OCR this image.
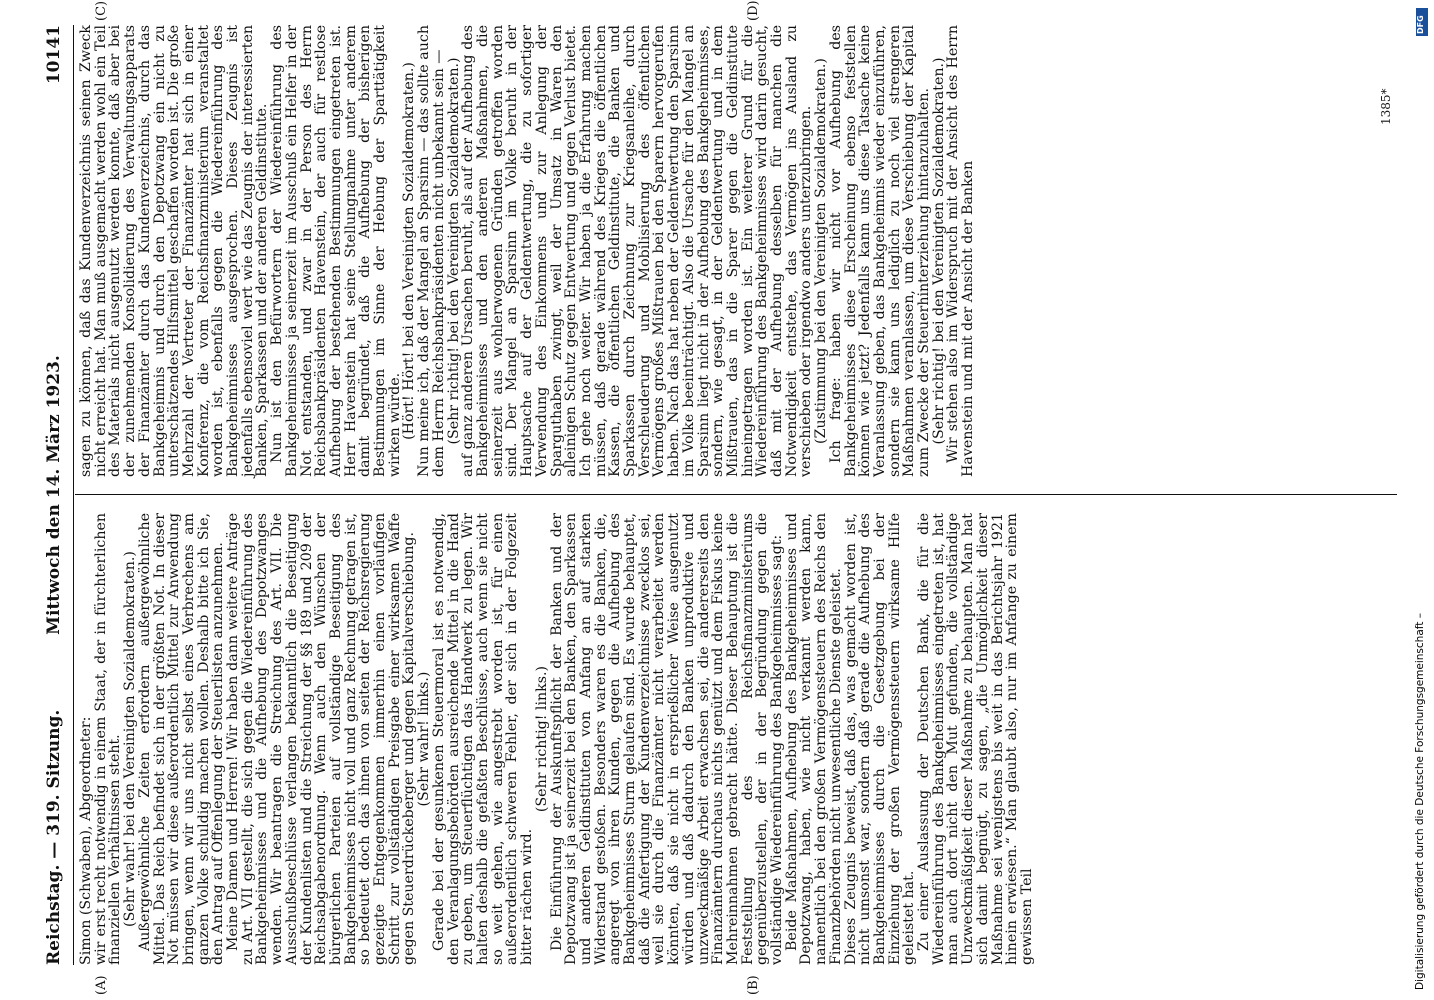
Reichstag. — 319. Sitzung.
Mittwoch den 14. März 1923.
10141
(A)	(B)
(C)	(D)

Simon (Schwaben), Abgeordneter:

wir erst recht notwendig in einem Staat, der in fürchterlichen finanziellen Verhältnissen steht.

(Sehr wahr! bei den Vereinigten Sozialdemokraten.)

Außergewöhnliche Zeiten erfordern außergewöhnliche Mittel. Das Reich befindet sich in der größten Not. In dieser Not müssen wir diese außerordentlich Mittel zur Anwendung bringen, wenn wir uns nicht selbst eines Verbrechens am ganzen Volke schuldig machen wollen. Deshalb bitte ich Sie, den Antrag auf Offenlegung der Steuerlisten anzunehmen.

Meine Damen und Herren! Wir haben dann weitere Anträge zu Art. VII gestellt, die sich gegen die Wiedereinführung des Bankgeheimnisses und die Aufhebung des Depotzwanges wenden. Wir beantragen die Streichung des Art. VII. Die Ausschußbeschlüsse verlangen bekanntlich die Beseitigung der Kundenlisten und die Streichung der §§ 189 und 209 der Reichsabgabenordnung. Wenn auch den Wünschen der bürgerlichen Parteien auf vollständige Beseitigung des Bankgeheimnisses nicht voll und ganz Rechnung getragen ist, so bedeutet doch das ihnen von seiten der Reichsregierung gezeigte Entgegenkommen immerhin einen vorläufigen Schritt zur vollständigen Preisgabe einer wirksamen Waffe gegen Steuerdrückeberger und gegen Kapitalverschiebung.

(Sehr wahr! links.)

Gerade bei der gesunkenen Steuermoral ist es notwendig, den Veranlagungsbehörden ausreichende Mittel in die Hand zu geben, um Steuerflüchtigen das Handwerk zu legen. Wir halten deshalb die gefaßten Beschlüsse, auch wenn sie nicht so weit gehen, wie angestrebt worden ist, für einen außerordentlich schweren Fehler, der sich in der Folgezeit bitter rächen wird.

(Sehr richtig! links.)

Die Einführung der Auskunftspflicht der Banken und der Depotzwang ist ja seinerzeit bei den Banken, den Sparkassen und anderen Geldinstituten von Anfang an auf starken Widerstand gestoßen. Besonders waren es die Banken, die, angeregt von ihren Kunden, gegen die Aufhebung des Bankgeheimnisses Sturm gelaufen sind. Es wurde behauptet, daß die Anfertigung der Kundenverzeichnisse zwecklos sei, weil sie durch die Finanzämter nicht verarbeitet werden könnten, daß sie nicht in ersprießlicher Weise ausgenutzt würden und daß dadurch den Banken unproduktive und unzweckmäßige Arbeit erwachsen sei, die andererseits den Finanzämtern durchaus nichts genützt und dem Fiskus keine Mehreinnahmen gebracht hätte. Dieser Behauptung ist die Feststellung des Reichsfinanzministeriums gegenüberzustellen, der in der Begründung gegen die vollständige Wiedereinführung des Bankgeheimnisses sagt:

Beide Maßnahmen, Aufhebung des Bankgeheimnisses und Depotzwang, haben, wie nicht verkannt werden kann, namentlich bei den großen Vermögenssteuern des Reichs den Finanzbehörden nicht unwesentliche Dienste geleistet.

Dieses Zeugnis beweist, daß das, was gemacht worden ist, nicht umsonst war, sondern daß gerade die Aufhebung des Bankgeheimnisses durch die Gesetzgebung bei der Einziehung der großen Vermögenssteuern wirksame Hilfe geleistet hat.

Zu einer Auslassung der Deutschen Bank, die für die Wiedereinführung des Bankgeheimnisses eingetreten ist, hat man auch dort nicht den Mut gefunden, die vollständige Unzweckmäßigkeit dieser Maßnahme zu behaupten. Man hat sich damit begnügt, zu sagen, „die Unmöglichkeit dieser Maßnahme sei wenigstens bis weit in das Berichtsjahr 1921 hinein erwiesen.“ Man glaubt also, nur im Anfange zu einem gewissen Teil

sagen zu können, daß das Kundenverzeichnis seinen Zweck nicht erreicht hat. Man muß ausgemacht werden wohl ein Teil des Materials nicht ausgenutzt werden konnte, daß aber bei der zunehmenden Konsolidierung des Verwaltungsapparats der Finanzämter durch das Kundenverzeichnis, durch das Bankgeheimnis und durch den Depotzwang ein nicht zu unterschätzendes Hilfsmittel geschaffen worden ist. Die große Mehrzahl der Vertreter der Finanzämter hat sich in einer Konferenz, die vom Reichsfinanzministerium veranstaltet worden ist, ebenfalls gegen die Wiedereinführung des Bankgeheimnisses ausgesprochen. Dieses Zeugnis ist jedenfalls ebensoviel wert wie das Zeugnis der interessierten Banken, Sparkassen und der anderen Geldinstitute.

Nun ist den Befürwortern der Wiedereinführung des Bankgeheimnisses ja seinerzeit im Ausschuß ein Helfer in der Not entstanden, und zwar in der Person des Herrn Reichsbankpräsidenten Havenstein, der auch für restlose Aufhebung der bestehenden Bestimmungen eingetreten ist. Herr Havenstein hat seine Stellungnahme unter anderem damit begründet, daß die Aufhebung der bisherigen Bestimmungen im Sinne der Hebung der Sparttätigkeit wirken würde.

(Hört! Hört! bei den Vereinigten Sozialdemokraten.)

Nun meine ich, daß der Mangel an Sparsinn — das sollte auch dem Herrn Reichsbankpräsidenten nicht unbekannt sein —

(Sehr richtig! bei den Vereinigten Sozialdemokraten.)

auf ganz anderen Ursachen beruht, als auf der Aufhebung des Bankgeheimnisses und den anderen Maßnahmen, die seinerzeit aus wohlerwogenen Gründen getroffen worden sind. Der Mangel an Sparsinn im Volke beruht in der Hauptsache auf der Geldentwertung, die zu sofortiger Verwendung des Einkommens und zur Anlegung der Sparguthaben zwingt, weil der Umsatz in Waren den alleinigen Schutz gegen Entwertung und gegen Verlust bietet. Ich gehe noch weiter. Wir haben ja die Erfahrung machen müssen, daß gerade während des Krieges die öffentlichen Kassen, die öffentlichen Geldinstitute, die Banken und Sparkassen durch Zeichnung zur Kriegsanleihe, durch Verschleuderung und Mobilisierung des öffentlichen Vermögens großes Mißtrauen bei den Sparern hervorgerufen haben. Nach das hat neben der Geldentwertung den Sparsinn im Volke beeinträchtigt. Also die Ursache für den Mangel an Sparsinn liegt nicht in der Aufhebung des Bankgeheimnisses, sondern, wie gesagt, in der Geldentwertung und in dem Mißtrauen, das in die Sparer gegen die Geldinstitute hineingetragen worden ist. Ein weiterer Grund für die Wiedereinführung des Bankgeheimnisses wird darin gesucht, daß mit der Aufhebung desselben für manchen die Notwendigkeit entstehe, das Vermögen ins Ausland zu verschieben oder irgendwo anders unterzubringen.

(Zustimmung bei den Vereinigten Sozialdemokraten.)

Ich frage: haben wir nicht vor Aufhebung des Bankgeheimnisses diese Erscheinung ebenso feststellen können wie jetzt? Jedenfalls kann uns diese Tatsache keine Veranlassung geben, das Bankgeheimnis wieder einzuführen, sondern sie kann uns lediglich zu noch viel strengeren Maßnahmen veranlassen, um diese Verschiebung der Kapital zum Zwecke der Steuerhinterziehung hintanzuhalten.

(Sehr richtig! bei den Vereinigten Sozialdemokraten.)

Wir stehen also im Widerspruch mit der Ansicht des Herrn Havenstein und mit der Ansicht der Banken

1385*
DFG
Digitalisierung gefördert durch die Deutsche Forschungsgemeinschaft –
